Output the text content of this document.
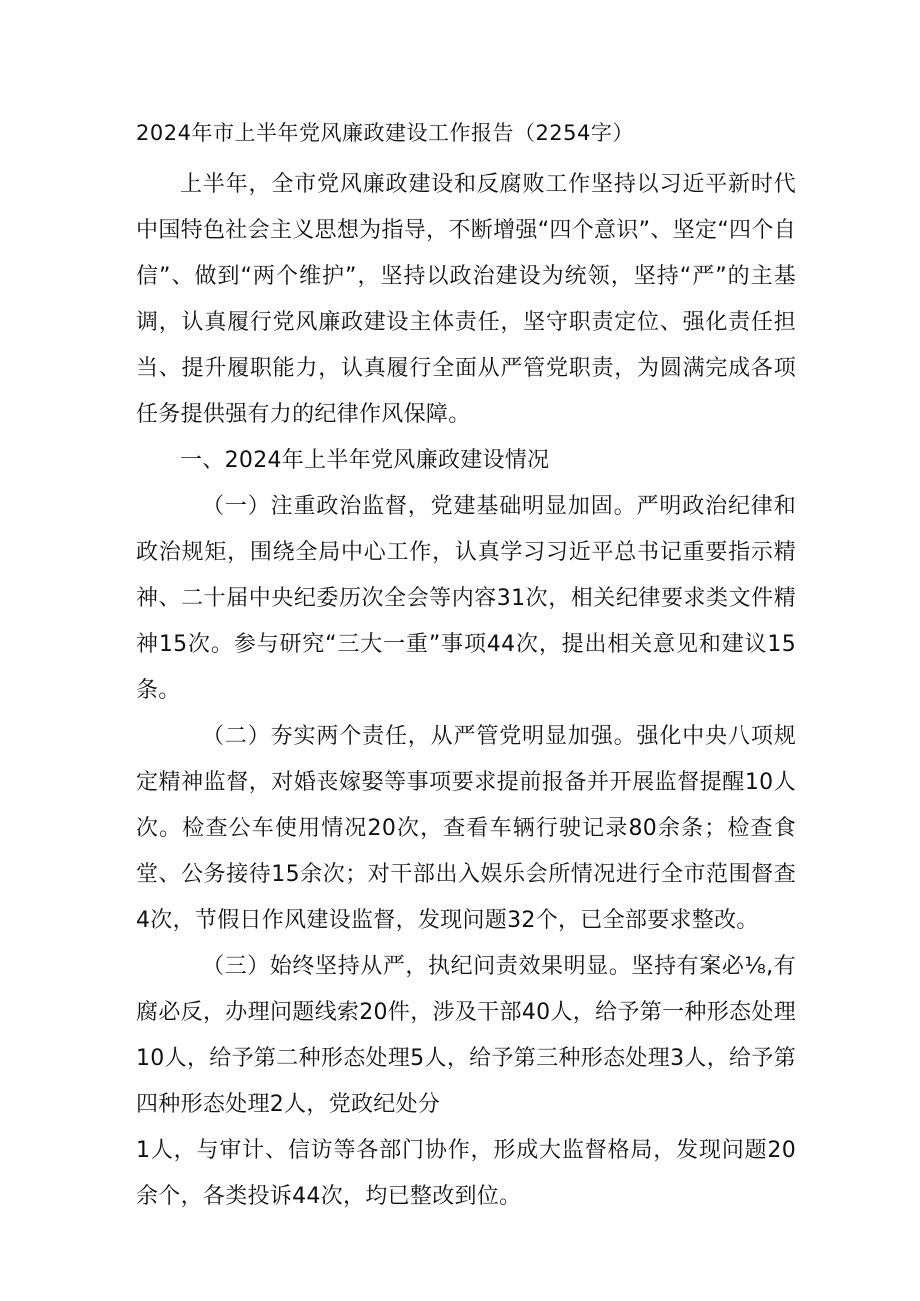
2024年市上半年党风廉政建设工作报告（2254字）

上半年，全市党风廉政建设和反腐败工作坚持以习近平新时代中国特色社会主义思想为指导，不断增强“四个意识”、坚定“四个自信”、做到“两个维护”，坚持以政治建设为统领，坚持“严”的主基调，认真履行党风廉政建设主体责任，坚守职责定位、强化责任担当、提升履职能力，认真履行全面从严管党职责，为圆满完成各项任务提供强有力的纪律作风保障。

一、2024年上半年党风廉政建设情况

（一）注重政治监督，党建基础明显加固。严明政治纪律和政治规矩，围绕全局中心工作，认真学习习近平总书记重要指示精神、二十届中央纪委历次全会等内容31次，相关纪律要求类文件精神15次。参与研究“三大一重”事项44次，提出相关意见和建议15条。

（二）夯实两个责任，从严管党明显加强。强化中央八项规定精神监督，对婚丧嫁娶等事项要求提前报备并开展监督提醒10人次。检查公车使用情况20次，查看车辆行驶记录80余条；检查食堂、公务接待15余次；对干部出入娱乐会所情况进行全市范围督查4次，节假日作风建设监督，发现问题32个，已全部要求整改。

（三）始终坚持从严，执纪问责效果明显。坚持有案必⅛,有腐必反，办理问题线索20件，涉及干部40人，给予第一种形态处理10人，给予第二种形态处理5人，给予第三种形态处理3人，给予第四种形态处理2人，党政纪处分

1人，与审计、信访等各部门协作，形成大监督格局，发现问题20余个，各类投诉44次，均已整改到位。
